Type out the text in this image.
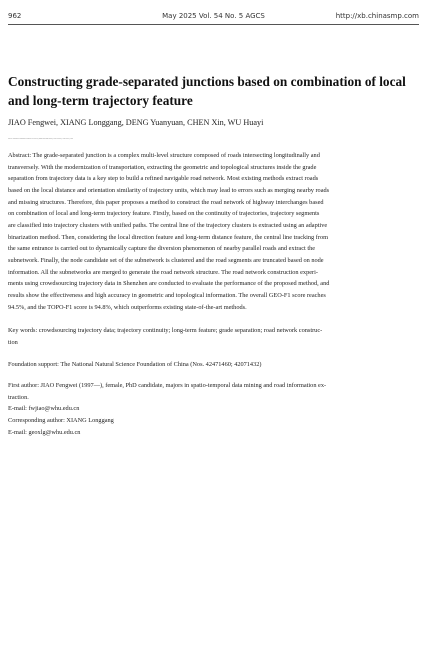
962	May 2025 Vol. 54 No. 5 AGCS	http://xb.chinasmp.com
Constructing grade-separated junctions based on combination of local and long-term trajectory feature
JIAO Fengwei, XIANG Longgang, DENG Yuanyuan, CHEN Xin, WU Huayi
State Key Laboratory of Information Engineering in Surveying, Mapping and Remote Sensing, Wuhan University, Wuhan 430079, China
Abstract: The grade-separated junction is a complex multi-level structure composed of roads intersecting longitudinally and
transversely. With the modernization of transportation, extracting the geometric and topological structures inside the grade
separation from trajectory data is a key step to build a refined navigable road network. Most existing methods extract roads
based on the local distance and orientation similarity of trajectory units, which may lead to errors such as merging nearby roads
and missing structures. Therefore, this paper proposes a method to construct the road network of highway interchanges based
on combination of local and long-term trajectory feature. Firstly, based on the continuity of trajectories, trajectory segments
are classified into trajectory clusters with unified paths. The central line of the trajectory clusters is extracted using an adaptive
binarization method. Then, considering the local direction feature and long-term distance feature, the central line tracking from
the same entrance is carried out to dynamically capture the diversion phenomenon of nearby parallel roads and extract the
subnetwork. Finally, the node candidate set of the subnetwork is clustered and the road segments are truncated based on node
information. All the subnetworks are merged to generate the road network structure. The road network construction experi-
ments using crowdsourcing trajectory data in Shenzhen are conducted to evaluate the performance of the proposed method, and
results show the effectiveness and high accuracy in geometric and topological information. The overall GEO-F1 score reaches
94.5%, and the TOPO-F1 score is 94.8%, which outperforms existing state-of-the-art methods.
Key words: crowdsourcing trajectory data; trajectory continuity; long-term feature; grade separation; road network construc-
tion
Foundation support: The National Natural Science Foundation of China (Nos. 42471460; 42071432)
First author: JIAO Fengwei (1997—), female, PhD candidate, majors in spatio-temporal data mining and road information ex-
traction.
E-mail: fwjiao@whu.edu.cn
Corresponding author: XIANG Longgang
E-mail: geoxlg@whu.edu.cn
